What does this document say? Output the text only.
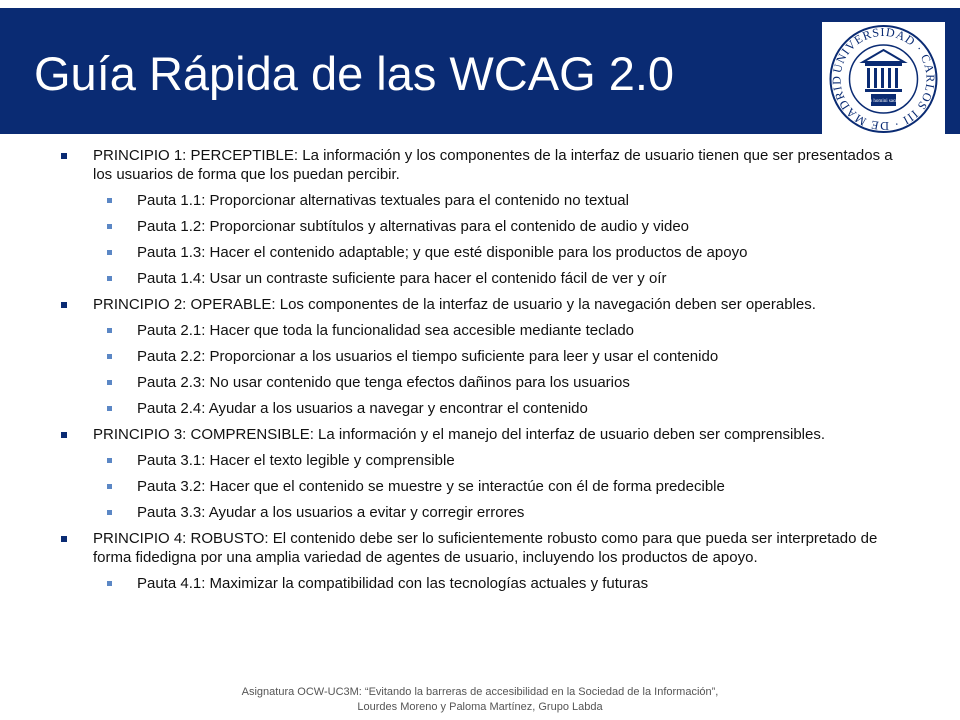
Guía Rápida de las WCAG 2.0	UNIVERSIDAD · CARLOS III · DE MADRID
homo homini sacra res
PRINCIPIO 1: PERCEPTIBLE: La información y los componentes de la interfaz de usuario tienen que ser presentados a los usuarios de forma que los puedan percibir.
Pauta 1.1: Proporcionar alternativas textuales para el contenido no textual
Pauta 1.2: Proporcionar subtítulos y alternativas para el contenido de audio y video
Pauta 1.3: Hacer el contenido adaptable; y que esté disponible para los productos de apoyo
Pauta 1.4: Usar un contraste suficiente para hacer el contenido fácil de ver y oír
PRINCIPIO 2: OPERABLE: Los componentes de la interfaz de usuario y la navegación deben ser operables.
Pauta 2.1: Hacer que toda la funcionalidad sea accesible mediante teclado
Pauta 2.2: Proporcionar a los usuarios el tiempo suficiente para leer y usar el contenido
Pauta 2.3: No usar contenido que tenga efectos dañinos para los usuarios
Pauta 2.4: Ayudar a los usuarios a navegar y encontrar el contenido
PRINCIPIO 3: COMPRENSIBLE: La información y el manejo del interfaz de usuario deben ser comprensibles.
Pauta 3.1: Hacer el texto legible y comprensible
Pauta 3.2: Hacer que el contenido se muestre y se interactúe con él de forma predecible
Pauta 3.3: Ayudar a los usuarios a evitar y corregir errores
PRINCIPIO 4: ROBUSTO: El contenido debe ser lo suficientemente robusto como para que pueda ser interpretado de forma fidedigna por una amplia variedad de agentes de usuario, incluyendo los productos de apoyo.
Pauta 4.1: Maximizar la compatibilidad con las tecnologías actuales y futuras
Asignatura OCW-UC3M: “Evitando la barreras de accesibilidad en la Sociedad de la Información”,
Lourdes Moreno y Paloma Martínez, Grupo Labda
